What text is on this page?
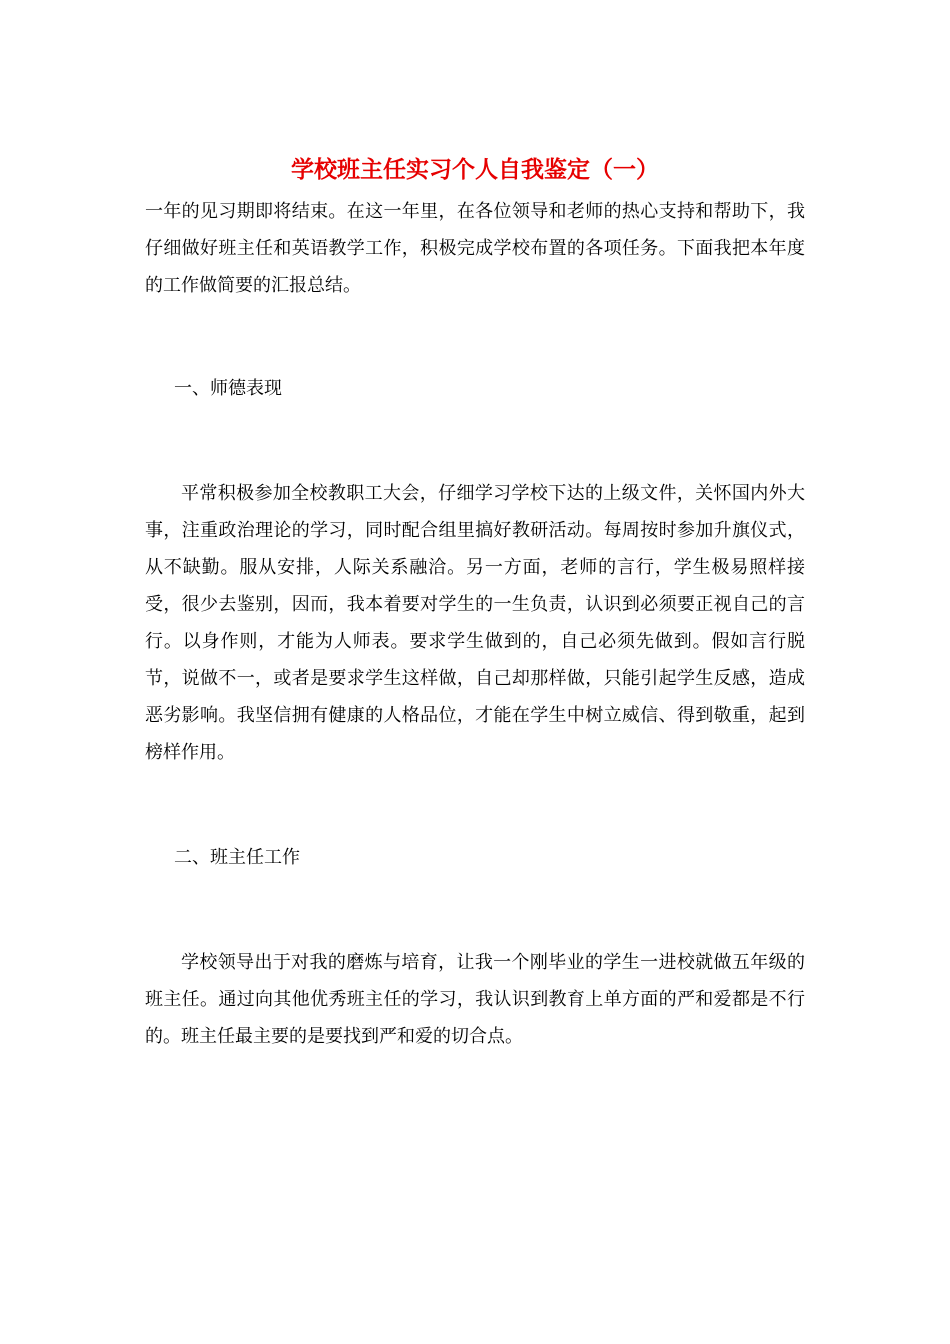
学校班主任实习个人自我鉴定（一）

一年的见习期即将结束。在这一年里，在各位领导和老师的热心支持和帮助下，我仔细做好班主任和英语教学工作，积极完成学校布置的各项任务。下面我把本年度的工作做简要的汇报总结。

一、师德表现

平常积极参加全校教职工大会，仔细学习学校下达的上级文件，关怀国内外大事，注重政治理论的学习，同时配合组里搞好教研活动。每周按时参加升旗仪式，从不缺勤。服从安排，人际关系融洽。另一方面，老师的言行，学生极易照样接受，很少去鉴别，因而，我本着要对学生的一生负责，认识到必须要正视自己的言行。以身作则，才能为人师表。要求学生做到的，自己必须先做到。假如言行脱节，说做不一，或者是要求学生这样做，自己却那样做，只能引起学生反感，造成恶劣影响。我坚信拥有健康的人格品位，才能在学生中树立威信、得到敬重，起到榜样作用。

二、班主任工作

学校领导出于对我的磨炼与培育，让我一个刚毕业的学生一进校就做五年级的班主任。通过向其他优秀班主任的学习，我认识到教育上单方面的严和爱都是不行的。班主任最主要的是要找到严和爱的切合点。
